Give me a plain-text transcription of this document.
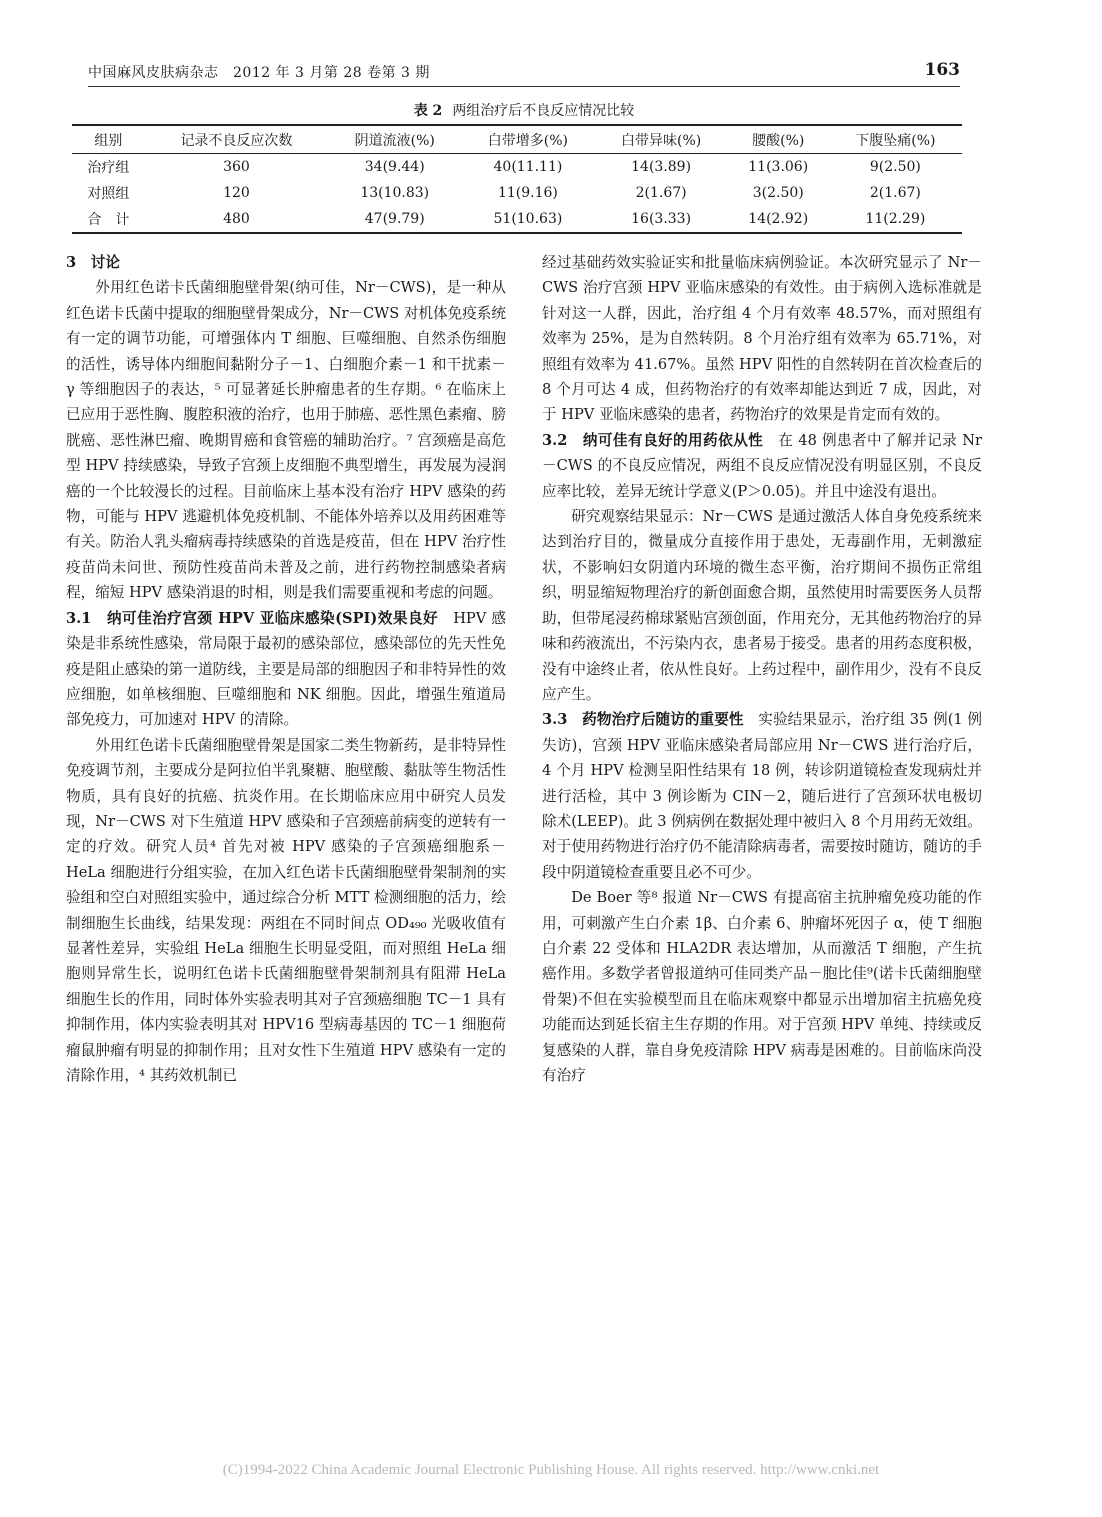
中国麻风皮肤病杂志　2012 年 3 月第 28 卷第 3 期	163
表 2 两组治疗后不良反应情况比较
组别	记录不良反应次数	阴道流液(%)	白带增多(%)	白带异味(%)	腰酸(%)	下腹坠痛(%)
治疗组	360	34(9.44)	40(11.11)	14(3.89)	11(3.06)	9(2.50)
对照组	120	13(10.83)	11(9.16)	2(1.67)	3(2.50)	2(1.67)
合　计	480	47(9.79)	51(10.63)	16(3.33)	14(2.92)	11(2.29)

3　讨论

外用红色诺卡氏菌细胞壁骨架(纳可佳，Nr－CWS)，是一种从红色诺卡氏菌中提取的细胞壁骨架成分，Nr－CWS 对机体免疫系统有一定的调节功能，可增强体内 T 细胞、巨噬细胞、自然杀伤细胞的活性，诱导体内细胞间黏附分子－1、白细胞介素－1 和干扰素－γ 等细胞因子的表达，⁵ 可显著延长肿瘤患者的生存期。⁶ 在临床上已应用于恶性胸、腹腔积液的治疗，也用于肺癌、恶性黑色素瘤、膀胱癌、恶性淋巴瘤、晚期胃癌和食管癌的辅助治疗。⁷ 宫颈癌是高危型 HPV 持续感染，导致子宫颈上皮细胞不典型增生，再发展为浸润癌的一个比较漫长的过程。目前临床上基本没有治疗 HPV 感染的药物，可能与 HPV 逃避机体免疫机制、不能体外培养以及用药困难等有关。防治人乳头瘤病毒持续感染的首选是疫苗，但在 HPV 治疗性疫苗尚未问世、预防性疫苗尚未普及之前，进行药物控制感染者病程，缩短 HPV 感染消退的时相，则是我们需要重视和考虑的问题。

3.1　纳可佳治疗宫颈 HPV 亚临床感染(SPI)效果良好　 HPV 感染是非系统性感染，常局限于最初的感染部位，感染部位的先天性免疫是阻止感染的第一道防线，主要是局部的细胞因子和非特异性的效应细胞，如单核细胞、巨噬细胞和 NK 细胞。因此，增强生殖道局部免疫力，可加速对 HPV 的清除。

外用红色诺卡氏菌细胞壁骨架是国家二类生物新药，是非特异性免疫调节剂，主要成分是阿拉伯半乳聚糖、胞壁酸、黏肽等生物活性物质，具有良好的抗癌、抗炎作用。在长期临床应用中研究人员发现，Nr－CWS 对下生殖道 HPV 感染和子宫颈癌前病变的逆转有一定的疗效。研究人员⁴ 首先对被 HPV 感染的子宫颈癌细胞系－HeLa 细胞进行分组实验，在加入红色诺卡氏菌细胞壁骨架制剂的实验组和空白对照组实验中，通过综合分析 MTT 检测细胞的活力，绘制细胞生长曲线，结果发现：两组在不同时间点 OD₄₉₀ 光吸收值有显著性差异，实验组 HeLa 细胞生长明显受阻，而对照组 HeLa 细胞则异常生长，说明红色诺卡氏菌细胞壁骨架制剂具有阻滞 HeLa 细胞生长的作用，同时体外实验表明其对子宫颈癌细胞 TC－1 具有抑制作用，体内实验表明其对 HPV16 型病毒基因的 TC－1 细胞荷瘤鼠肿瘤有明显的抑制作用；且对女性下生殖道 HPV 感染有一定的清除作用，⁴ 其药效机制已

经过基础药效实验证实和批量临床病例验证。本次研究显示了 Nr－CWS 治疗宫颈 HPV 亚临床感染的有效性。由于病例入选标准就是针对这一人群，因此，治疗组 4 个月有效率 48.57%，而对照组有效率为 25%，是为自然转阴。8 个月治疗组有效率为 65.71%，对照组有效率为 41.67%。虽然 HPV 阳性的自然转阴在首次检查后的 8 个月可达 4 成，但药物治疗的有效率却能达到近 7 成，因此，对于 HPV 亚临床感染的患者，药物治疗的效果是肯定而有效的。

3.2　纳可佳有良好的用药依从性　 在 48 例患者中了解并记录 Nr－CWS 的不良反应情况，两组不良反应情况没有明显区别，不良反应率比较，差异无统计学意义(P＞0.05)。并且中途没有退出。

研究观察结果显示：Nr－CWS 是通过激活人体自身免疫系统来达到治疗目的，微量成分直接作用于患处，无毒副作用，无刺激症状，不影响妇女阴道内环境的微生态平衡，治疗期间不损伤正常组织，明显缩短物理治疗的新创面愈合期，虽然使用时需要医务人员帮助，但带尾浸药棉球紧贴宫颈创面，作用充分，无其他药物治疗的异味和药液流出，不污染内衣，患者易于接受。患者的用药态度积极，没有中途终止者，依从性良好。上药过程中，副作用少，没有不良反应产生。

3.3　药物治疗后随访的重要性　 实验结果显示，治疗组 35 例(1 例失访)，宫颈 HPV 亚临床感染者局部应用 Nr－CWS 进行治疗后，4 个月 HPV 检测呈阳性结果有 18 例，转诊阴道镜检查发现病灶并进行活检，其中 3 例诊断为 CIN－2，随后进行了宫颈环状电极切除术(LEEP)。此 3 例病例在数据处理中被归入 8 个月用药无效组。对于使用药物进行治疗仍不能清除病毒者，需要按时随访，随访的手段中阴道镜检查重要且必不可少。

De Boer 等⁸ 报道 Nr－CWS 有提高宿主抗肿瘤免疫功能的作用，可刺激产生白介素 1β、白介素 6、肿瘤坏死因子 α，使 T 细胞白介素 22 受体和 HLA2DR 表达增加，从而激活 T 细胞，产生抗癌作用。多数学者曾报道纳可佳同类产品－胞比佳⁹(诺卡氏菌细胞壁骨架)不但在实验模型而且在临床观察中都显示出增加宿主抗癌免疫功能而达到延长宿主生存期的作用。对于宫颈 HPV 单纯、持续或反复感染的人群，靠自身免疫清除 HPV 病毒是困难的。目前临床尚没有治疗

(C)1994-2022 China Academic Journal Electronic Publishing House. All rights reserved. http://www.cnki.net
